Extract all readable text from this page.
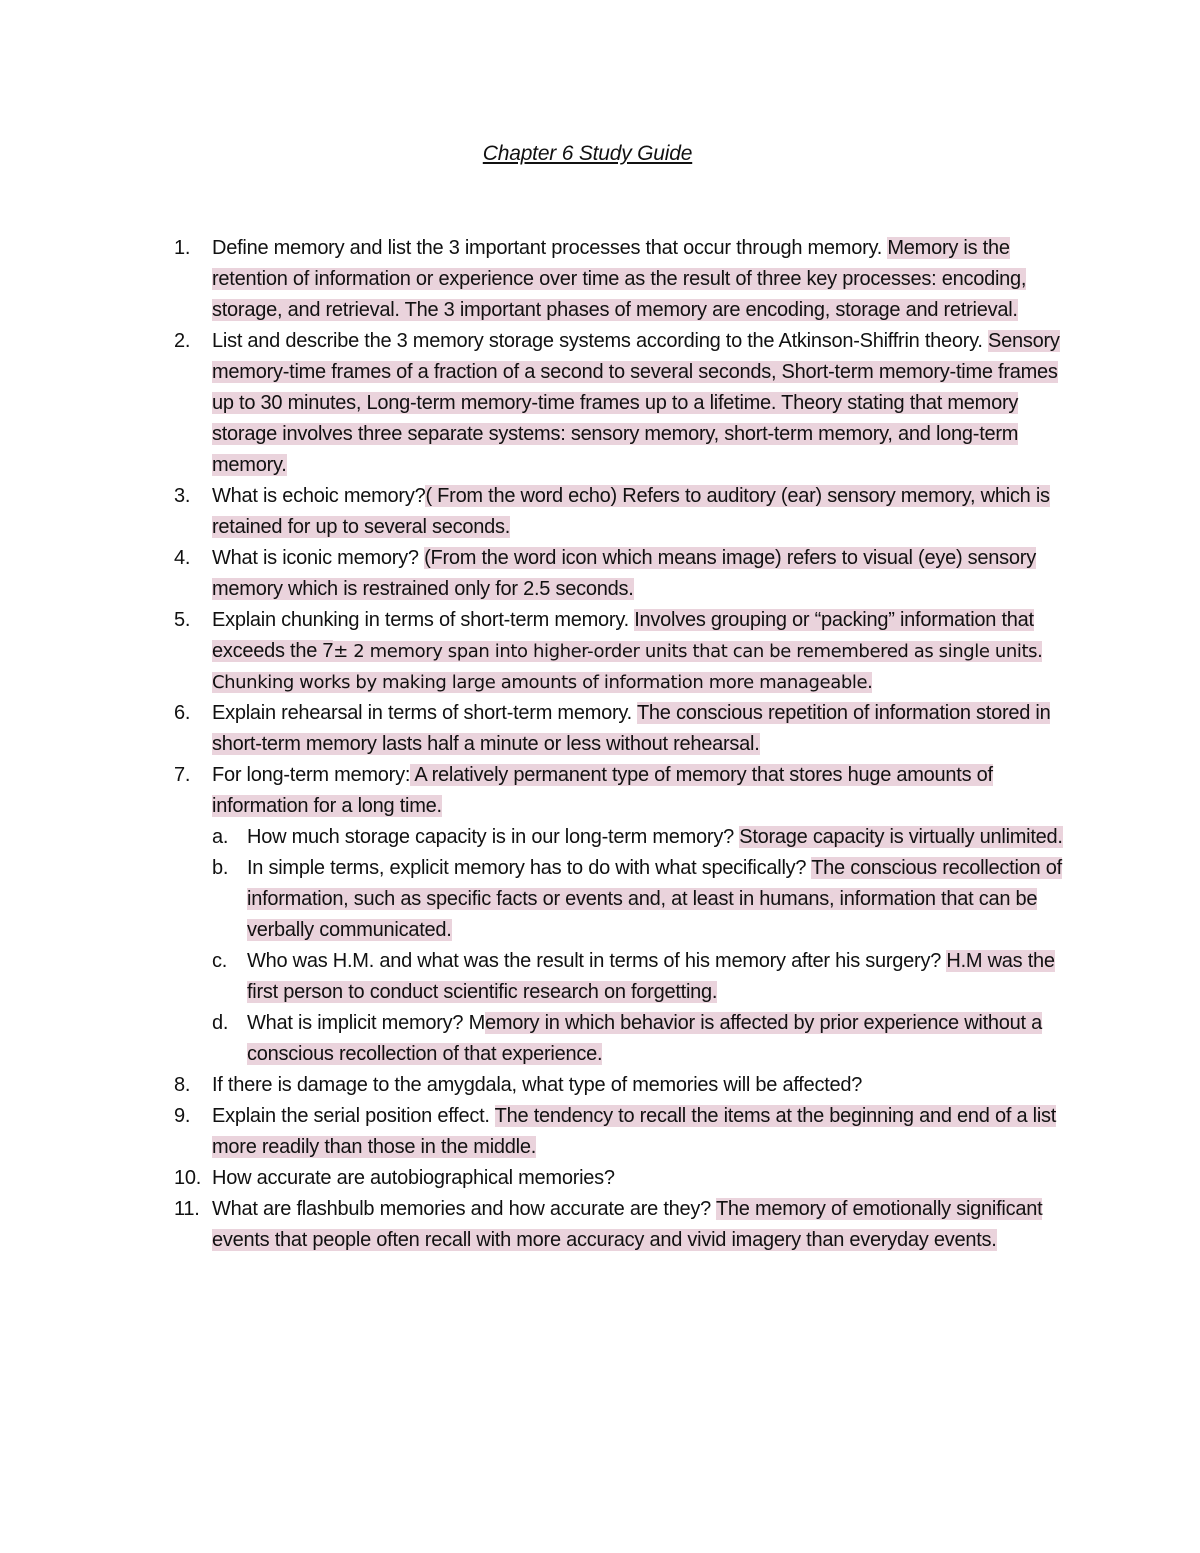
Chapter 6 Study Guide
1.	Define memory and list the 3 important processes that occur through memory. Memory is the retention of information or experience over time as the result of three key processes: encoding, storage, and retrieval. The 3 important phases of memory are encoding, storage and retrieval.
2.	List and describe the 3 memory storage systems according to the Atkinson-Shiffrin theory. Sensory memory-time frames of a fraction of a second to several seconds, Short-term memory-time frames up to 30 minutes, Long-term memory-time frames up to a lifetime. Theory stating that memory storage involves three separate systems: sensory memory, short-term memory, and long-term memory.
3.	What is echoic memory?( From the word echo) Refers to auditory (ear) sensory memory, which is retained for up to several seconds.
4.	What is iconic memory? (From the word icon which means image) refers to visual (eye) sensory memory which is restrained only for 2.5 seconds.
5.	Explain chunking in terms of short-term memory. Involves grouping or “packing” information that exceeds the 7± 2 memory span into higher-order units that can be remembered as single units. Chunking works by making large amounts of information more manageable.
6.	Explain rehearsal in terms of short-term memory. The conscious repetition of information stored in short-term memory lasts half a minute or less without rehearsal.
7.	For long-term memory: A relatively permanent type of memory that stores huge amounts of information for a long time.
a. How much storage capacity is in our long-term memory? Storage capacity is virtually unlimited.
b. In simple terms, explicit memory has to do with what specifically? The conscious recollection of information, such as specific facts or events and, at least in humans, information that can be verbally communicated.
c. Who was H.M. and what was the result in terms of his memory after his surgery? H.M was the first person to conduct scientific research on forgetting.
d. What is implicit memory? Memory in which behavior is affected by prior experience without a conscious recollection of that experience.
8.	If there is damage to the amygdala, what type of memories will be affected?
9.	Explain the serial position effect. The tendency to recall the items at the beginning and end of a list more readily than those in the middle.
10. How accurate are autobiographical memories?
11. What are flashbulb memories and how accurate are they? The memory of emotionally significant events that people often recall with more accuracy and vivid imagery than everyday events.
